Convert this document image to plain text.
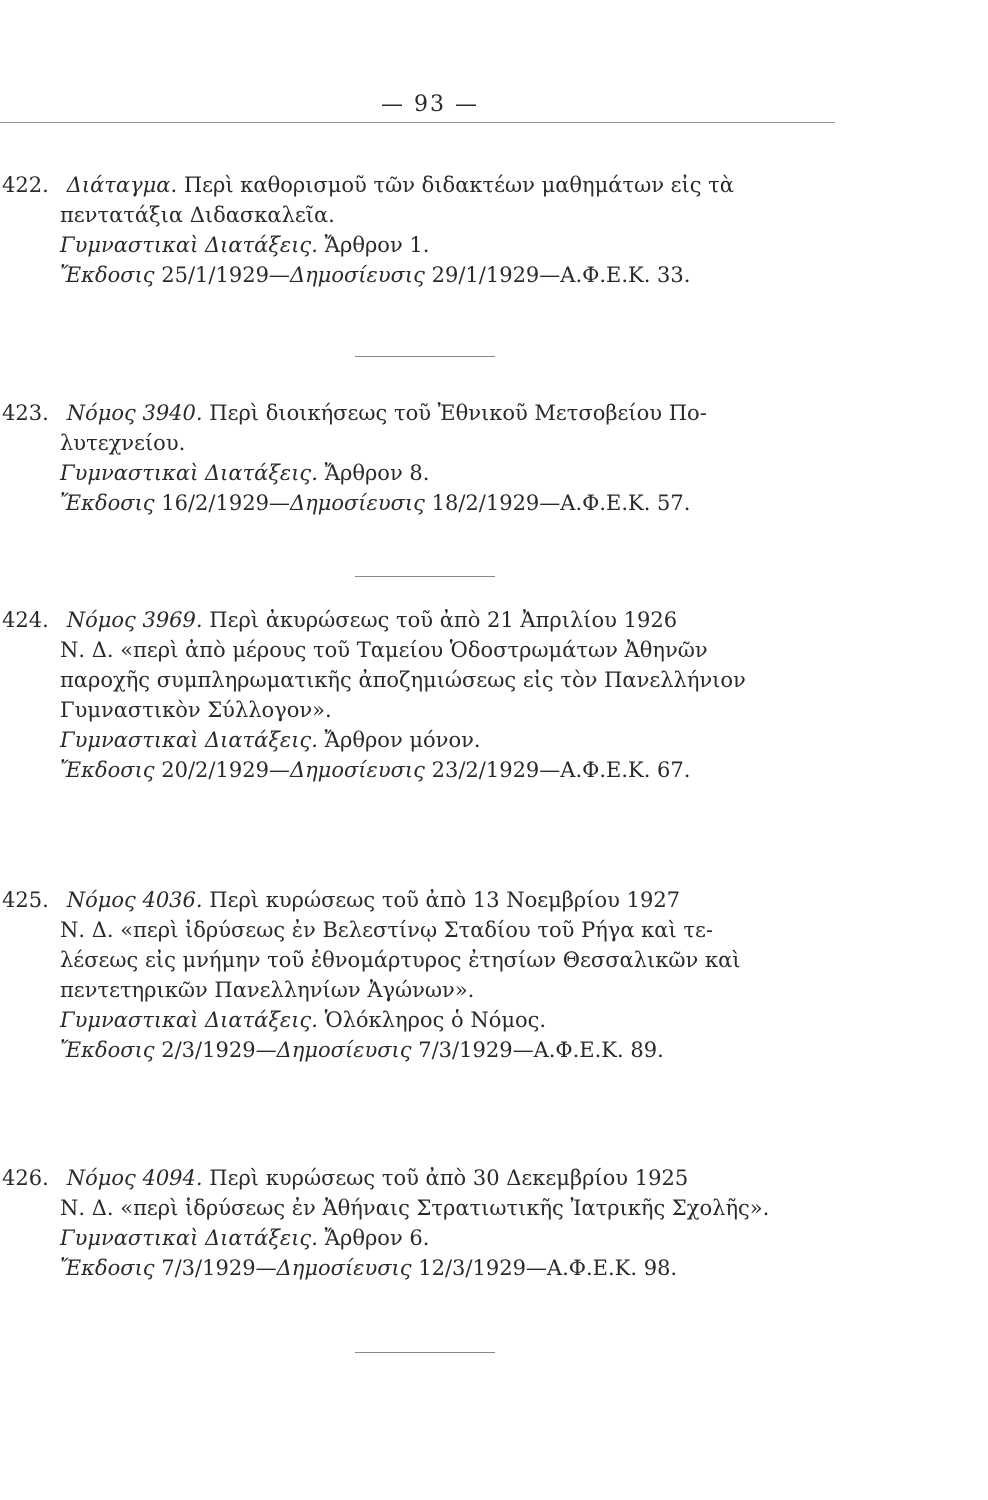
— 93 —
422. Διάταγμα. Περὶ καθορισμοῦ τῶν διδακτέων μαθημάτων εἰς τὰ
πεντατάξια Διδασκαλεῖα.
Γυμναστικαὶ Διατάξεις. Ἄρθρον 1.
Ἔκδοσις 25/1/1929—Δημοσίευσις 29/1/1929—Α.Φ.Ε.Κ. 33.
423. Νόμος 3940. Περὶ διοικήσεως τοῦ Ἐθνικοῦ Μετσοβείου Πο-
λυτεχνείου.
Γυμναστικαὶ Διατάξεις. Ἄρθρον 8.
Ἔκδοσις 16/2/1929—Δημοσίευσις 18/2/1929—Α.Φ.Ε.Κ. 57.
424. Νόμος 3969. Περὶ ἀκυρώσεως τοῦ ἀπὸ 21 Ἀπριλίου 1926
Ν. Δ. «περὶ ἀπὸ μέρους τοῦ Ταμείου Ὁδοστρωμάτων Ἀθηνῶν
παροχῆς συμπληρωματικῆς ἀποζημιώσεως εἰς τὸν Πανελλήνιον
Γυμναστικὸν Σύλλογον».
Γυμναστικαὶ Διατάξεις. Ἄρθρον μόνον.
Ἔκδοσις 20/2/1929—Δημοσίευσις 23/2/1929—Α.Φ.Ε.Κ. 67.
425. Νόμος 4036. Περὶ κυρώσεως τοῦ ἀπὸ 13 Νοεμβρίου 1927
Ν. Δ. «περὶ ἱδρύσεως ἐν Βελεστίνῳ Σταδίου τοῦ Ρήγα καὶ τε-
λέσεως εἰς μνήμην τοῦ ἐθνομάρτυρος ἐτησίων Θεσσαλικῶν καὶ
πεντετηρικῶν Πανελληνίων Ἀγώνων».
Γυμναστικαὶ Διατάξεις. Ὁλόκληρος ὁ Νόμος.
Ἔκδοσις 2/3/1929—Δημοσίευσις 7/3/1929—Α.Φ.Ε.Κ. 89.
426. Νόμος 4094. Περὶ κυρώσεως τοῦ ἀπὸ 30 Δεκεμβρίου 1925
Ν. Δ. «περὶ ἱδρύσεως ἐν Ἀθήναις Στρατιωτικῆς Ἰατρικῆς Σχολῆς».
Γυμναστικαὶ Διατάξεις. Ἄρθρον 6.
Ἔκδοσις 7/3/1929—Δημοσίευσις 12/3/1929—Α.Φ.Ε.Κ. 98.
